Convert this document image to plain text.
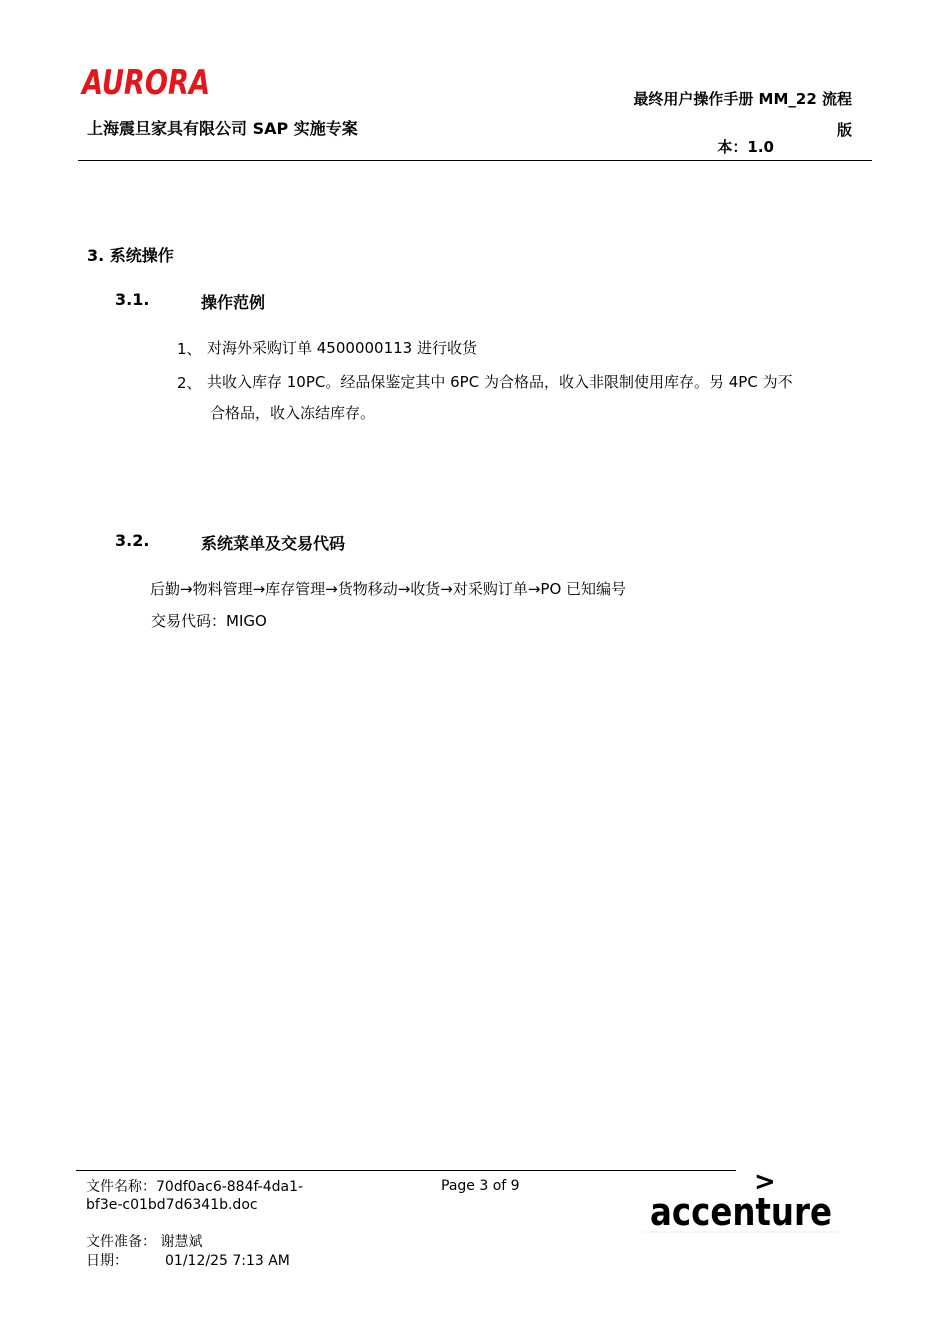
AURORA
上海震旦家具有限公司 SAP 实施专案
最终用户操作手册 MM_22 流程
版
本：1.0
3. 系统操作
3.1.	操作范例
1、 对海外采购订单 4500000113 进行收货
2、 共收入库存 10PC。经品保鉴定其中 6PC 为合格品，收入非限制使用库存。另 4PC 为不
合格品，收入冻结库存。
3.2.	系统菜单及交易代码
后勤→物料管理→库存管理→货物移动→收货→对采购订单→PO 已知编号
交易代码：MIGO
文件名称：70df0ac6-884f-4da1-
bf3e-c01bd7d6341b.doc
Page 3 of 9
文件准备： 谢慧斌
日期：	01/12/25 7:13 AM
>
accenture
